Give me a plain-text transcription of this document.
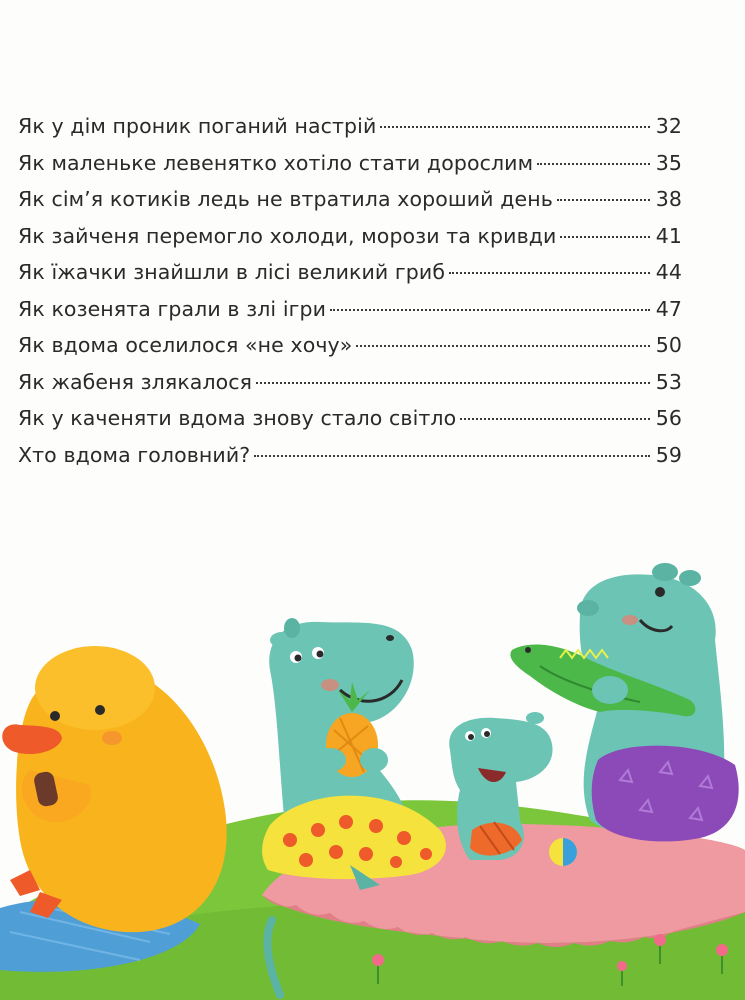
Як у дім проник поганий настрій	32
Як маленьке левенятко хотіло стати дорослим	35
Як сім’я котиків ледь не втратила хороший день	38
Як зайченя перемогло холоди, морози та кривди	41
Як їжачки знайшли в лісі великий гриб	44
Як козенята грали в злі ігри	47
Як вдома оселилося «не хочу»	50
Як жабеня злякалося	53
Як у каченяти вдома знову стало світло	56
Хто вдома головний?	59
